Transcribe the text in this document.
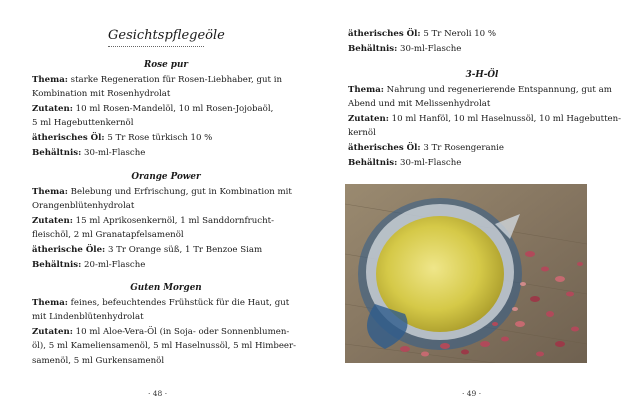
Gesichtspflegeöle
Rose pur
Thema: starke Regeneration für Rosen-Liebhaber, gut in
Kombination mit Rosenhydrolat
Zutaten: 10 ml Rosen-Mandelöl, 10 ml Rosen-Jojobaöl,
5 ml Hagebuttenkernöl
ätherisches Öl: 5 Tr Rose türkisch 10 %
Behältnis: 30-ml-Flasche
Orange Power
Thema: Belebung und Erfrischung, gut in Kombination mit
Orangenblütenhydrolat
Zutaten: 15 ml Aprikosenkernöl, 1 ml Sanddornfrucht-
fleischöl, 2 ml Granatapfelsamenöl
ätherische Öle: 3 Tr Orange süß, 1 Tr Benzoe Siam
Behältnis: 20-ml-Flasche
Guten Morgen
Thema: feines, befeuchtendes Frühstück für die Haut, gut
mit Lindenblütenhydrolat
Zutaten: 10 ml Aloe-Vera-Öl (in Soja- oder Sonnenblumen-
öl), 5 ml Kameliensamenöl, 5 ml Haselnussöl, 5 ml Himbeer-
samenöl, 5 ml Gurkensamenöl
· 48 ·
ätherisches Öl: 5 Tr Neroli 10 %
Behältnis: 30-ml-Flasche
3-H-Öl
Thema: Nahrung und regenerierende Entspannung, gut am
Abend und mit Melissenhydrolat
Zutaten: 10 ml Hanföl, 10 ml Haselnussöl, 10 ml Hagebutten-
kernöl
ätherisches Öl: 3 Tr Rosengeranie
Behältnis: 30-ml-Flasche
· 49 ·
